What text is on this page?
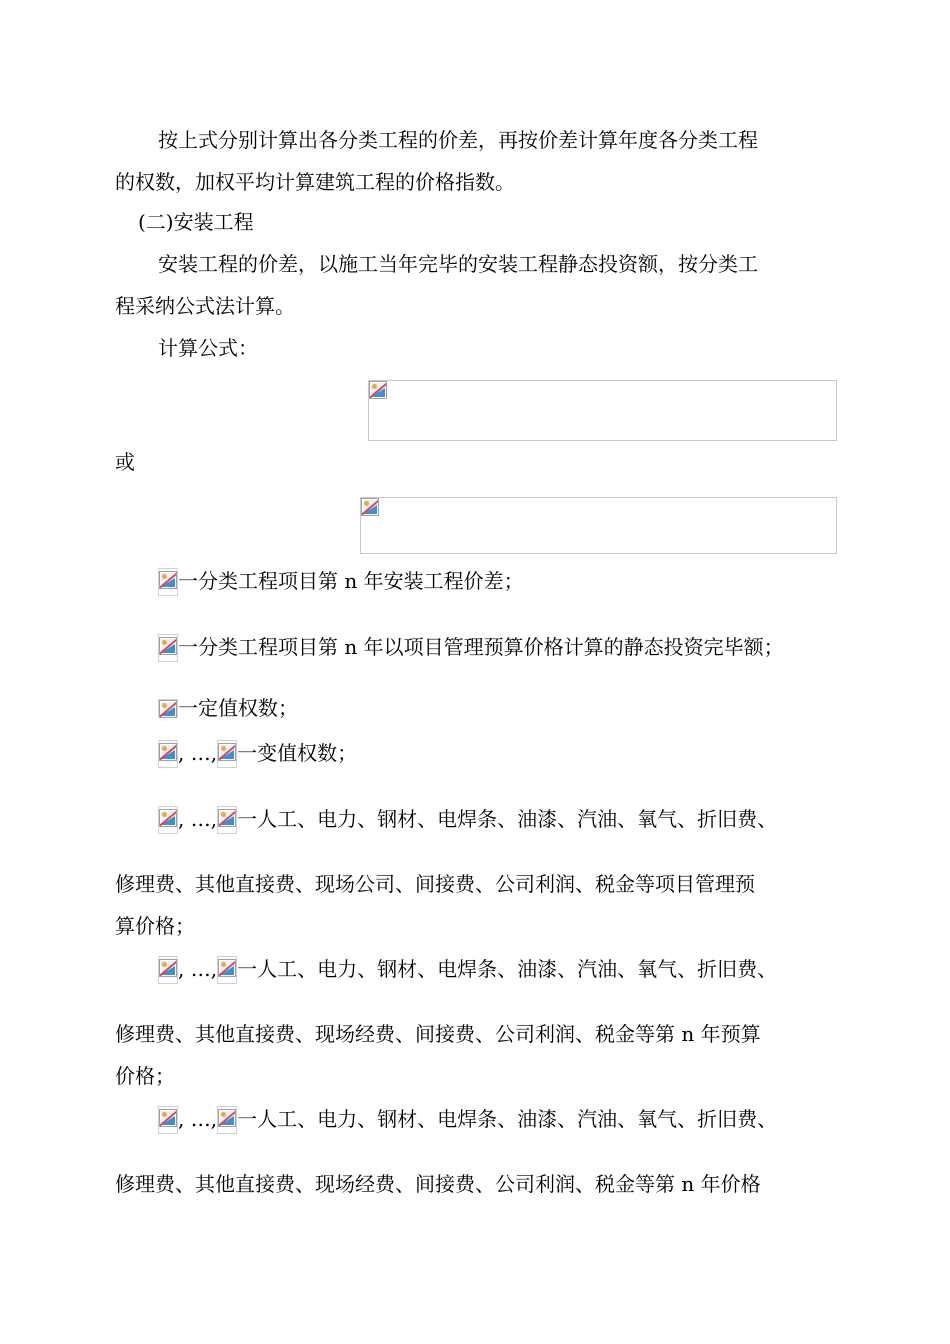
按上式分别计算出各分类工程的价差，再按价差计算年度各分类工程
的权数，加权平均计算建筑工程的价格指数。
(二)安装工程
安装工程的价差，以施工当年完毕的安装工程静态投资额，按分类工
程采纳公式法计算。
计算公式：
或
一分类工程项目第 n 年安装工程价差；
一分类工程项目第 n 年以项目管理预算价格计算的静态投资完毕额；
一定值权数；
, …, 一变值权数；
, …, 一人工、电力、钢材、电焊条、油漆、汽油、氧气、折旧费、
修理费、其他直接费、现场公司、间接费、公司利润、税金等项目管理预
算价格；
, …, 一人工、电力、钢材、电焊条、油漆、汽油、氧气、折旧费、
修理费、其他直接费、现场经费、间接费、公司利润、税金等第 n 年预算
价格；
, …, 一人工、电力、钢材、电焊条、油漆、汽油、氧气、折旧费、
修理费、其他直接费、现场经费、间接费、公司利润、税金等第 n 年价格
